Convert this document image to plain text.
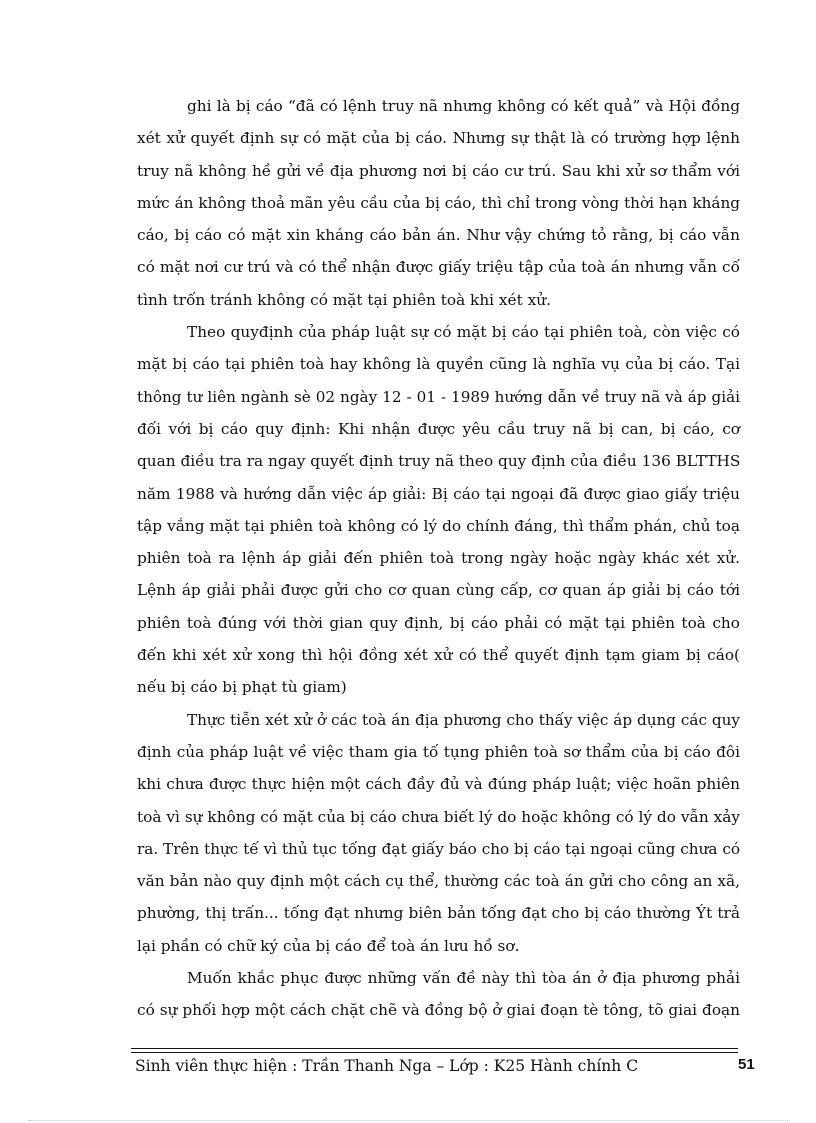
ghi là bị cáo “đã có lệnh truy nã nhưng không có kết quả” và Hội đồng
xét xử quyết định sự có mặt của bị cáo. Nhưng sự thật là có trường hợp lệnh
truy nã không hề gửi về địa phương nơi bị cáo cư trú. Sau khi xử sơ thẩm với
mức án không thoả mãn yêu cầu của bị cáo, thì chỉ trong vòng thời hạn kháng
cáo, bị cáo có mặt xin kháng cáo bản án. Như vậy chứng tỏ rằng, bị cáo vẫn
có mặt nơi cư trú và có thể nhận được giấy triệu tập của toà án nhưng vẫn cố
tình trốn tránh không có mặt tại phiên toà khi xét xử.

Theo quyđịnh của pháp luật sự có mặt bị cáo tại phiên toà, còn việc có
mặt bị cáo tại phiên toà hay không là quyền cũng là nghĩa vụ của bị cáo. Tại
thông tư liên ngành sè 02 ngày 12 - 01 - 1989 hướng dẫn về truy nã và áp giải
đối với bị cáo quy định: Khi nhận được yêu cầu truy nã bị can, bị cáo, cơ
quan điều tra ra ngay quyết định truy nã theo quy định của điều 136 BLTTHS
năm 1988 và hướng dẫn việc áp giải: Bị cáo tại ngoại đã được giao giấy triệu
tập vắng mặt tại phiên toà không có lý do chính đáng, thì thẩm phán, chủ toạ
phiên toà ra lệnh áp giải đến phiên toà trong ngày hoặc ngày khác xét xử.
Lệnh áp giải phải được gửi cho cơ quan cùng cấp, cơ quan áp giải bị cáo tới
phiên toà đúng với thời gian quy định, bị cáo phải có mặt tại phiên toà cho
đến khi xét xử xong thì hội đồng xét xử có thể quyết định tạm giam bị cáo(
nếu bị cáo bị phạt tù giam)

Thực tiễn xét xử ở các toà án địa phương cho thấy việc áp dụng các quy
định của pháp luật về việc tham gia tố tụng phiên toà sơ thẩm của bị cáo đôi
khi chưa được thực hiện một cách đầy đủ và đúng pháp luật; việc hoãn phiên
toà vì sự không có mặt của bị cáo chưa biết lý do hoặc không có lý do vẫn xảy
ra. Trên thực tế vì thủ tục tống đạt giấy báo cho bị cáo tại ngoại cũng chưa có
văn bản nào quy định một cách cụ thể, thường các toà án gửi cho công an xã,
phường, thị trấn... tống đạt nhưng biên bản tống đạt cho bị cáo thường Ýt trả
lại phần có chữ ký của bị cáo để toà án lưu hồ sơ.

Muốn khắc phục được những vấn đề này thì tòa án ở địa phương phải
có sự phối hợp một cách chặt chẽ và đồng bộ ở giai đoạn tè tông, tõ giai đoạn

Sinh viên thực hiện : Trần Thanh Nga – Lớp : K25 Hành chính C	51
